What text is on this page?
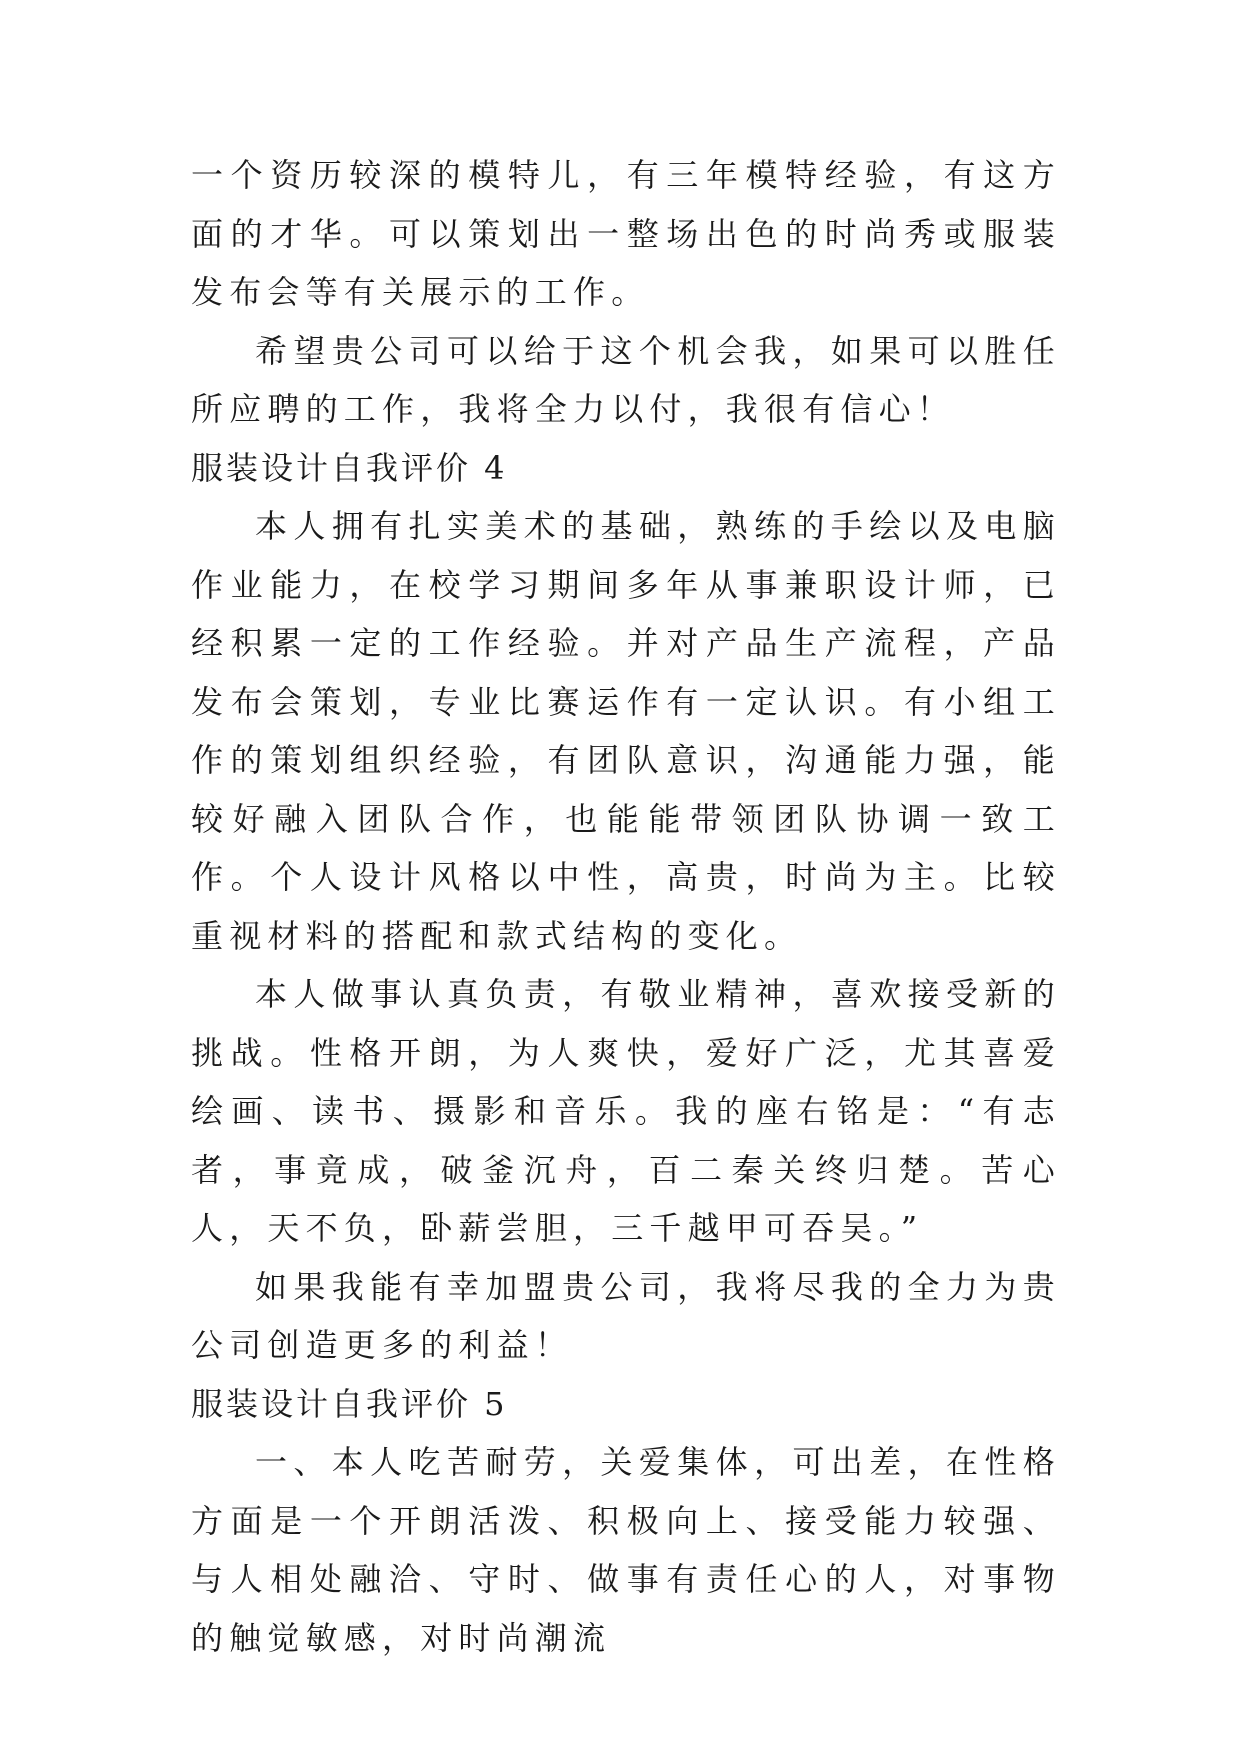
一个资历较深的模特儿，有三年模特经验，有这方面的才华。可以策划出一整场出色的时尚秀或服装发布会等有关展示的工作。

希望贵公司可以给于这个机会我，如果可以胜任所应聘的工作，我将全力以付，我很有信心！

服装设计自我评价 4

本人拥有扎实美术的基础，熟练的手绘以及电脑作业能力，在校学习期间多年从事兼职设计师，已经积累一定的工作经验。并对产品生产流程，产品发布会策划，专业比赛运作有一定认识。有小组工作的策划组织经验，有团队意识，沟通能力强，能较好融入团队合作，也能能带领团队协调一致工作。个人设计风格以中性，高贵，时尚为主。比较重视材料的搭配和款式结构的变化。

本人做事认真负责，有敬业精神，喜欢接受新的挑战。性格开朗，为人爽快，爱好广泛，尤其喜爱绘画、读书、摄影和音乐。我的座右铭是：“有志者，事竟成，破釜沉舟，百二秦关终归楚。苦心人，天不负，卧薪尝胆，三千越甲可吞吴。”

如果我能有幸加盟贵公司，我将尽我的全力为贵公司创造更多的利益！

服装设计自我评价 5

一、本人吃苦耐劳，关爱集体，可出差，在性格方面是一个开朗活泼、积极向上、接受能力较强、与人相处融洽、守时、做事有责任心的人，对事物的触觉敏感，对时尚潮流
